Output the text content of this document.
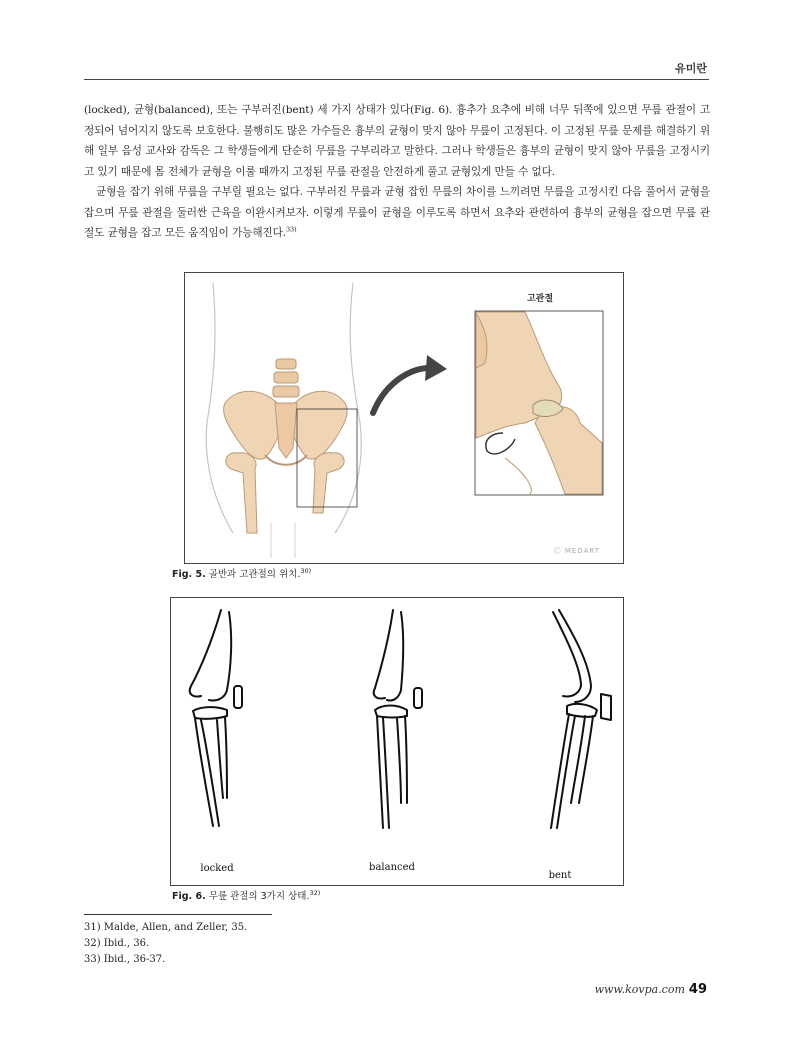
유미란

(locked), 균형(balanced), 또는 구부러진(bent) 세 가지 상태가 있다(Fig. 6). 흉추가 요추에 비해 너무 뒤쪽에 있으면 무릎 관절이 고정되어 넘어지지 않도록 보호한다. 불행히도 많은 가수들은 흉부의 균형이 맞지 않아 무릎이 고정된다. 이 고정된 무릎 문제를 해결하기 위해 일부 음성 교사와 감독은 그 학생들에게 단순히 무릎을 구부리라고 말한다. 그러나 학생들은 흉부의 균형이 맞지 않아 무릎을 고정시키고 있기 때문에 몸 전체가 균형을 이룰 때까지 고정된 무릎 관절을 안전하게 풀고 균형있게 만들 수 없다.

균형을 잡기 위해 무릎을 구부릴 필요는 없다. 구부러진 무릎과 균형 잡힌 무릎의 차이를 느끼려면 무릎을 고정시킨 다음 풀어서 균형을 잡으며 무릎 관절을 둘러싼 근육을 이완시켜보자. 이렇게 무릎이 균형을 이루도록 하면서 요추와 관련하여 흉부의 균형을 잡으면 무릎 관절도 균형을 잡고 모든 움직임이 가능해진다.$^{33)}$

고관절
Ⓒ MEDART
Fig. 5. 골반과 고관절의 위치.$^{30)}$
locked	balanced
bent
Fig. 6. 무릎 관절의 3가지 상태.$^{32)}$
31) Malde, Allen, and Zeller, 35.
32) Ibid., 36.
33) Ibid., 36-37.
www.kovpa.com 49
